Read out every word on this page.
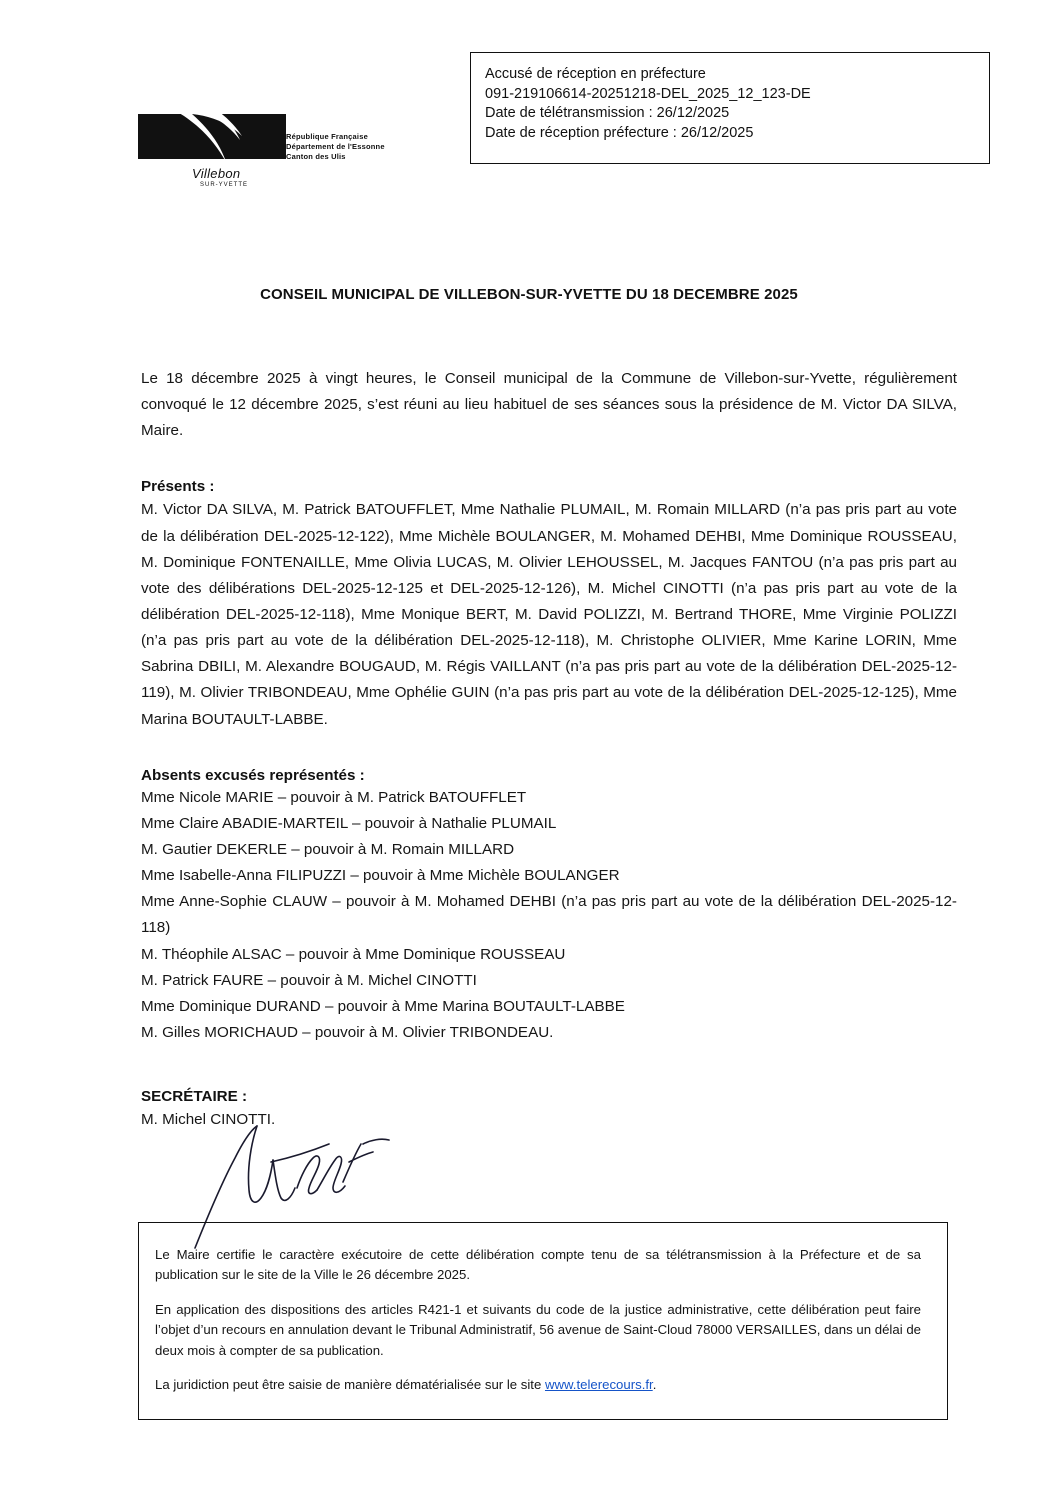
Villebon
SUR-YVETTE
République Française
Département de l'Essonne
Canton des Ulis
Accusé de réception en préfecture
091-219106614-20251218-DEL_2025_12_123-DE
Date de télétransmission : 26/12/2025
Date de réception préfecture : 26/12/2025
CONSEIL MUNICIPAL DE VILLEBON-SUR-YVETTE DU 18 DECEMBRE 2025

Le 18 décembre 2025 à vingt heures, le Conseil municipal de la Commune de Villebon-sur-Yvette, régulièrement convoqué le 12 décembre 2025, s’est réuni au lieu habituel de ses séances sous la présidence de M. Victor DA SILVA, Maire.

Présents :
M. Victor DA SILVA, M. Patrick BATOUFFLET, Mme Nathalie PLUMAIL, M. Romain MILLARD (n’a pas pris part au vote de la délibération DEL-2025-12-122), Mme Michèle BOULANGER, M. Mohamed DEHBI, Mme Dominique ROUSSEAU, M. Dominique FONTENAILLE, Mme Olivia LUCAS, M. Olivier LEHOUSSEL, M. Jacques FANTOU (n’a pas pris part au vote des délibérations DEL-2025-12-125 et DEL-2025-12-126), M. Michel CINOTTI (n’a pas pris part au vote de la délibération DEL-2025-12-118), Mme Monique BERT, M. David POLIZZI, M. Bertrand THORE, Mme Virginie POLIZZI (n’a pas pris part au vote de la délibération DEL-2025-12-118), M. Christophe OLIVIER, Mme Karine LORIN, Mme Sabrina DBILI, M. Alexandre BOUGAUD, M. Régis VAILLANT (n’a pas pris part au vote de la délibération DEL-2025-12-119), M. Olivier TRIBONDEAU, Mme Ophélie GUIN (n’a pas pris part au vote de la délibération DEL-2025-12-125), Mme Marina BOUTAULT-LABBE.
Absents excusés représentés :
Mme Nicole MARIE – pouvoir à M. Patrick BATOUFFLET
Mme Claire ABADIE-MARTEIL – pouvoir à Nathalie PLUMAIL
M. Gautier DEKERLE – pouvoir à M. Romain MILLARD
Mme Isabelle-Anna FILIPUZZI – pouvoir à Mme Michèle BOULANGER
Mme Anne-Sophie CLAUW – pouvoir à M. Mohamed DEHBI (n’a pas pris part au vote de la délibération DEL-2025-12-118)
M. Théophile ALSAC – pouvoir à Mme Dominique ROUSSEAU
M. Patrick FAURE – pouvoir à M. Michel CINOTTI
Mme Dominique DURAND – pouvoir à Mme Marina BOUTAULT-LABBE
M. Gilles MORICHAUD – pouvoir à M. Olivier TRIBONDEAU.
SECRÉTAIRE :
M. Michel CINOTTI.

Le Maire certifie le caractère exécutoire de cette délibération compte tenu de sa télétransmission à la Préfecture et de sa publication sur le site de la Ville le 26 décembre 2025.

En application des dispositions des articles R421-1 et suivants du code de la justice administrative, cette délibération peut faire l’objet d’un recours en annulation devant le Tribunal Administratif, 56 avenue de Saint-Cloud 78000 VERSAILLES, dans un délai de deux mois à compter de sa publication.

La juridiction peut être saisie de manière dématérialisée sur le site www.telerecours.fr.
